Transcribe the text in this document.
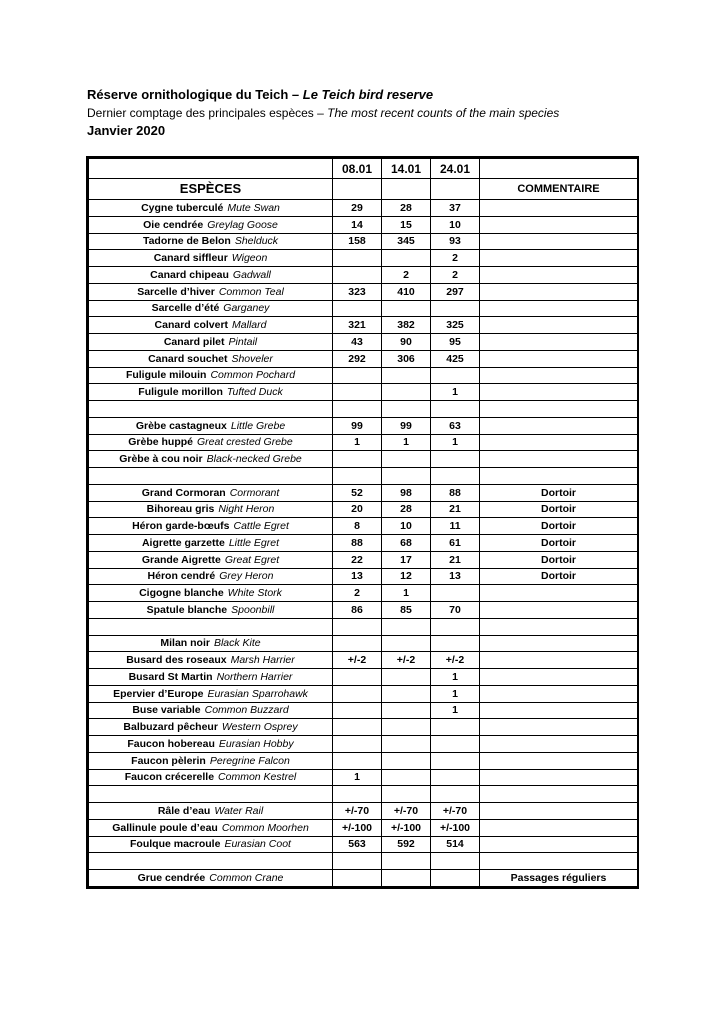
Réserve ornithologique du Teich – Le Teich bird reserve
Dernier comptage des principales espèces – The most recent counts of the main species
Janvier 2020
	08.01	14.01	24.01	
ESPÈCES				COMMENTAIRE
Cygne tuberculé Mute Swan	29	28	37	
Oie cendrée Greylag Goose	14	15	10	
Tadorne de Belon Shelduck	158	345	93	
Canard siffleur Wigeon			2	
Canard chipeau Gadwall		2	2	
Sarcelle d’hiver Common Teal	323	410	297	
Sarcelle d’été Garganey				
Canard colvert Mallard	321	382	325	
Canard pilet Pintail	43	90	95	
Canard souchet Shoveler	292	306	425	
Fuligule milouin Common Pochard				
Fuligule morillon Tufted Duck			1	

Grèbe castagneux Little Grebe	99	99	63	
Grèbe huppé Great crested Grebe	1	1	1	
Grèbe à cou noir Black-necked Grebe				

Grand Cormoran Cormorant	52	98	88	Dortoir
Bihoreau gris Night Heron	20	28	21	Dortoir
Héron garde-bœufs Cattle Egret	8	10	11	Dortoir
Aigrette garzette Little Egret	88	68	61	Dortoir
Grande Aigrette Great Egret	22	17	21	Dortoir
Héron cendré Grey Heron	13	12	13	Dortoir
Cigogne blanche White Stork	2	1		
Spatule blanche Spoonbill	86	85	70	

Milan noir Black Kite				
Busard des roseaux Marsh Harrier	+/-2	+/-2	+/-2	
Busard St Martin Northern Harrier			1	
Epervier d’Europe Eurasian Sparrohawk			1	
Buse variable Common Buzzard			1	
Balbuzard pêcheur Western Osprey				
Faucon hobereau Eurasian Hobby				
Faucon pèlerin Peregrine Falcon				
Faucon crécerelle Common Kestrel	1			

Râle d’eau Water Rail	+/-70	+/-70	+/-70	
Gallinule poule d’eau Common Moorhen	+/-100	+/-100	+/-100	
Foulque macroule Eurasian Coot	563	592	514	

Grue cendrée Common Crane				Passages réguliers
